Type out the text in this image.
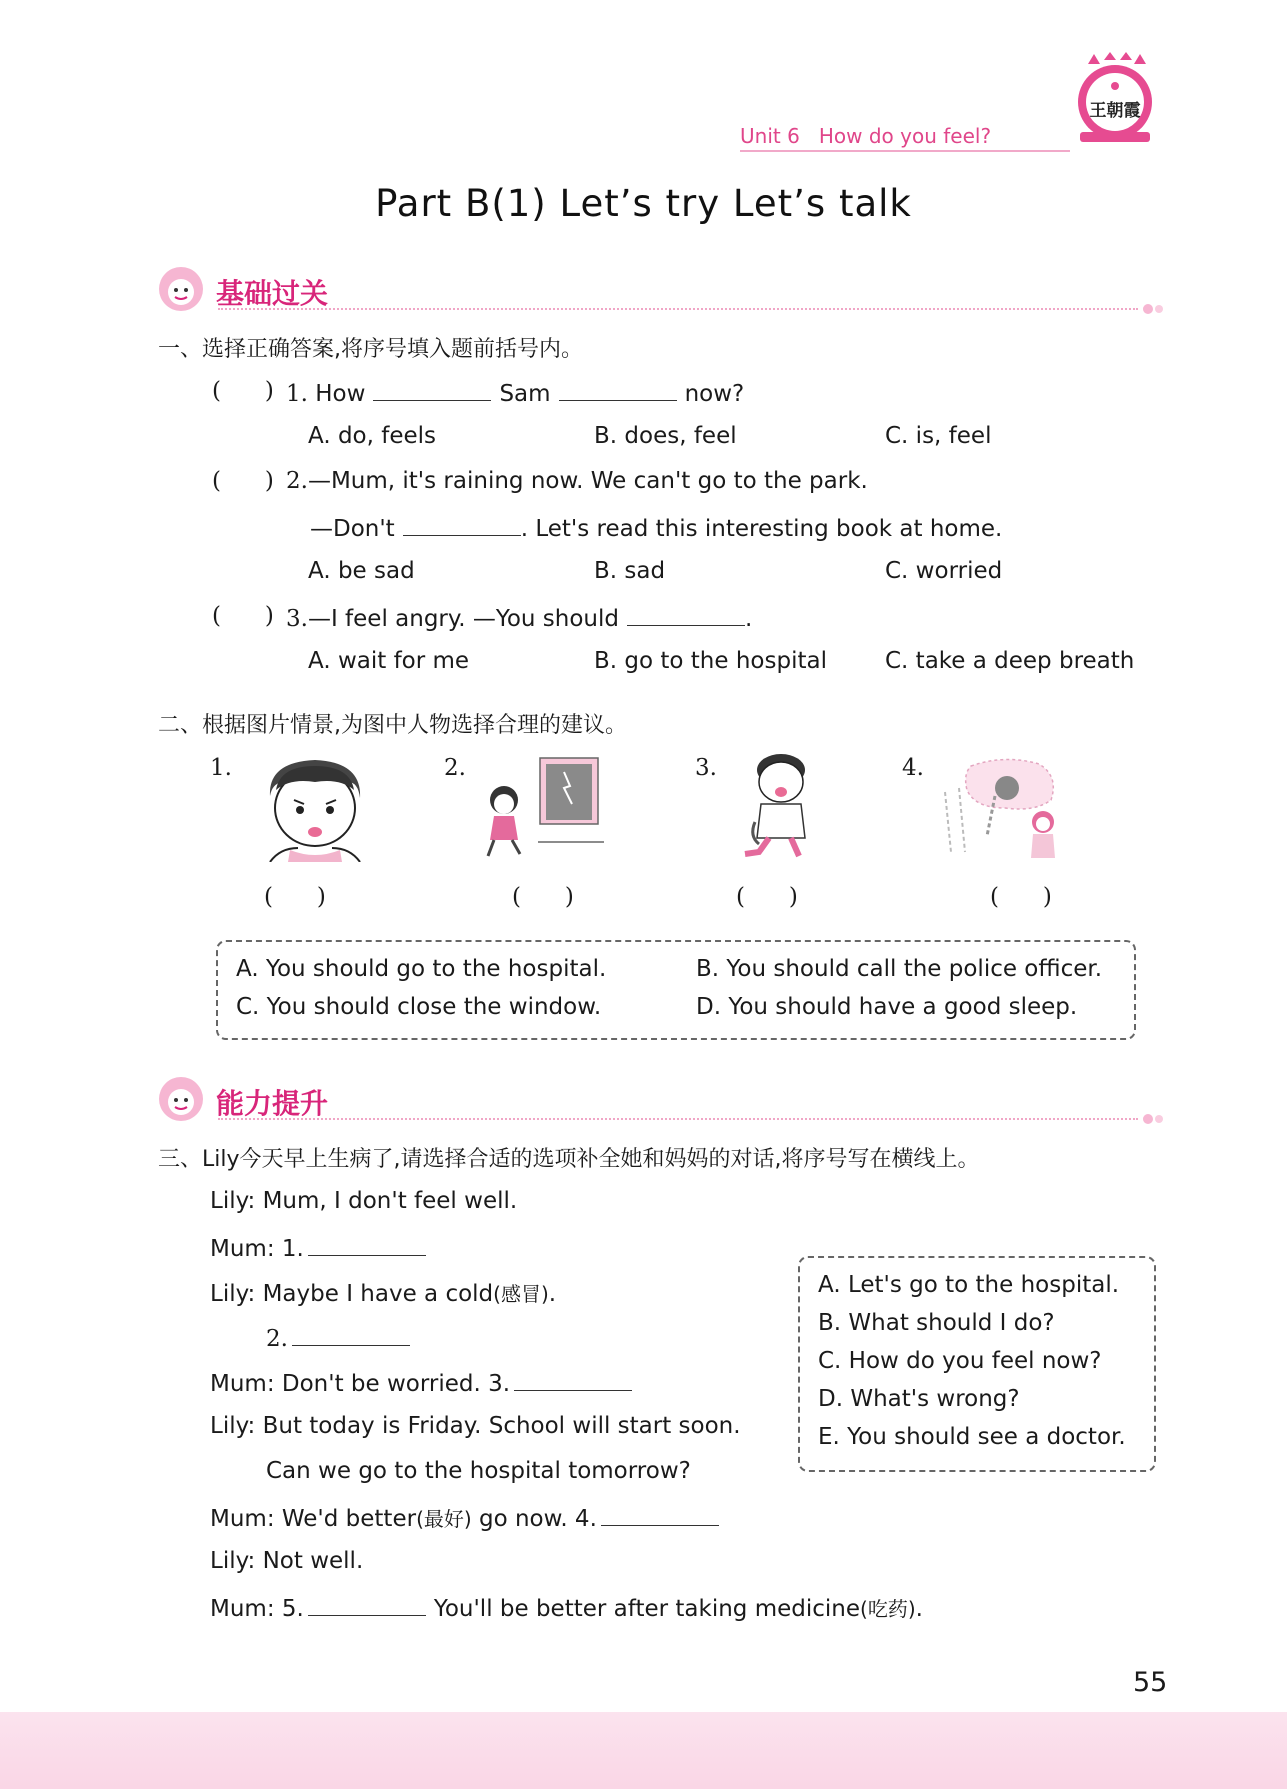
Unit 6 How do you feel?
王朝霞
Part B(1) Let’s try Let’s talk
基础过关
一、选择正确答案,将序号填入题前括号内。
(      ) 1. How	Sam	now?
A. do, feels	B. does, feel	C. is, feel
(      ) 2.—Mum, it's raining now. We can't go to the park.
—Don't	. Let's read this interesting book at home.
A. be sad	B. sad	C. worried
(      ) 3.—I feel angry. —You should	.
A. wait for me	B. go to the hospital	C. take a deep breath
二、根据图片情景,为图中人物选择合理的建议。
1.	2.	3.	4.
(      )	(      )	(      )	(      )
A. You should go to the hospital.	B. You should call the police officer.
C. You should close the window.	D. You should have a good sleep.
能力提升
三、Lily今天早上生病了,请选择合适的选项补全她和妈妈的对话,将序号写在横线上。
Lily: Mum, I don't feel well.
Mum: 1.
Lily: Maybe I have a cold(感冒).
2.
Mum: Don't be worried. 3.
Lily: But today is Friday. School will start soon.
Can we go to the hospital tomorrow?
Mum: We'd better(最好) go now. 4.
Lily: Not well.
Mum: 5.	You'll be better after taking medicine(吃药).
A. Let's go to the hospital.
B. What should I do?
C. How do you feel now?
D. What's wrong?
E. You should see a doctor.
55
